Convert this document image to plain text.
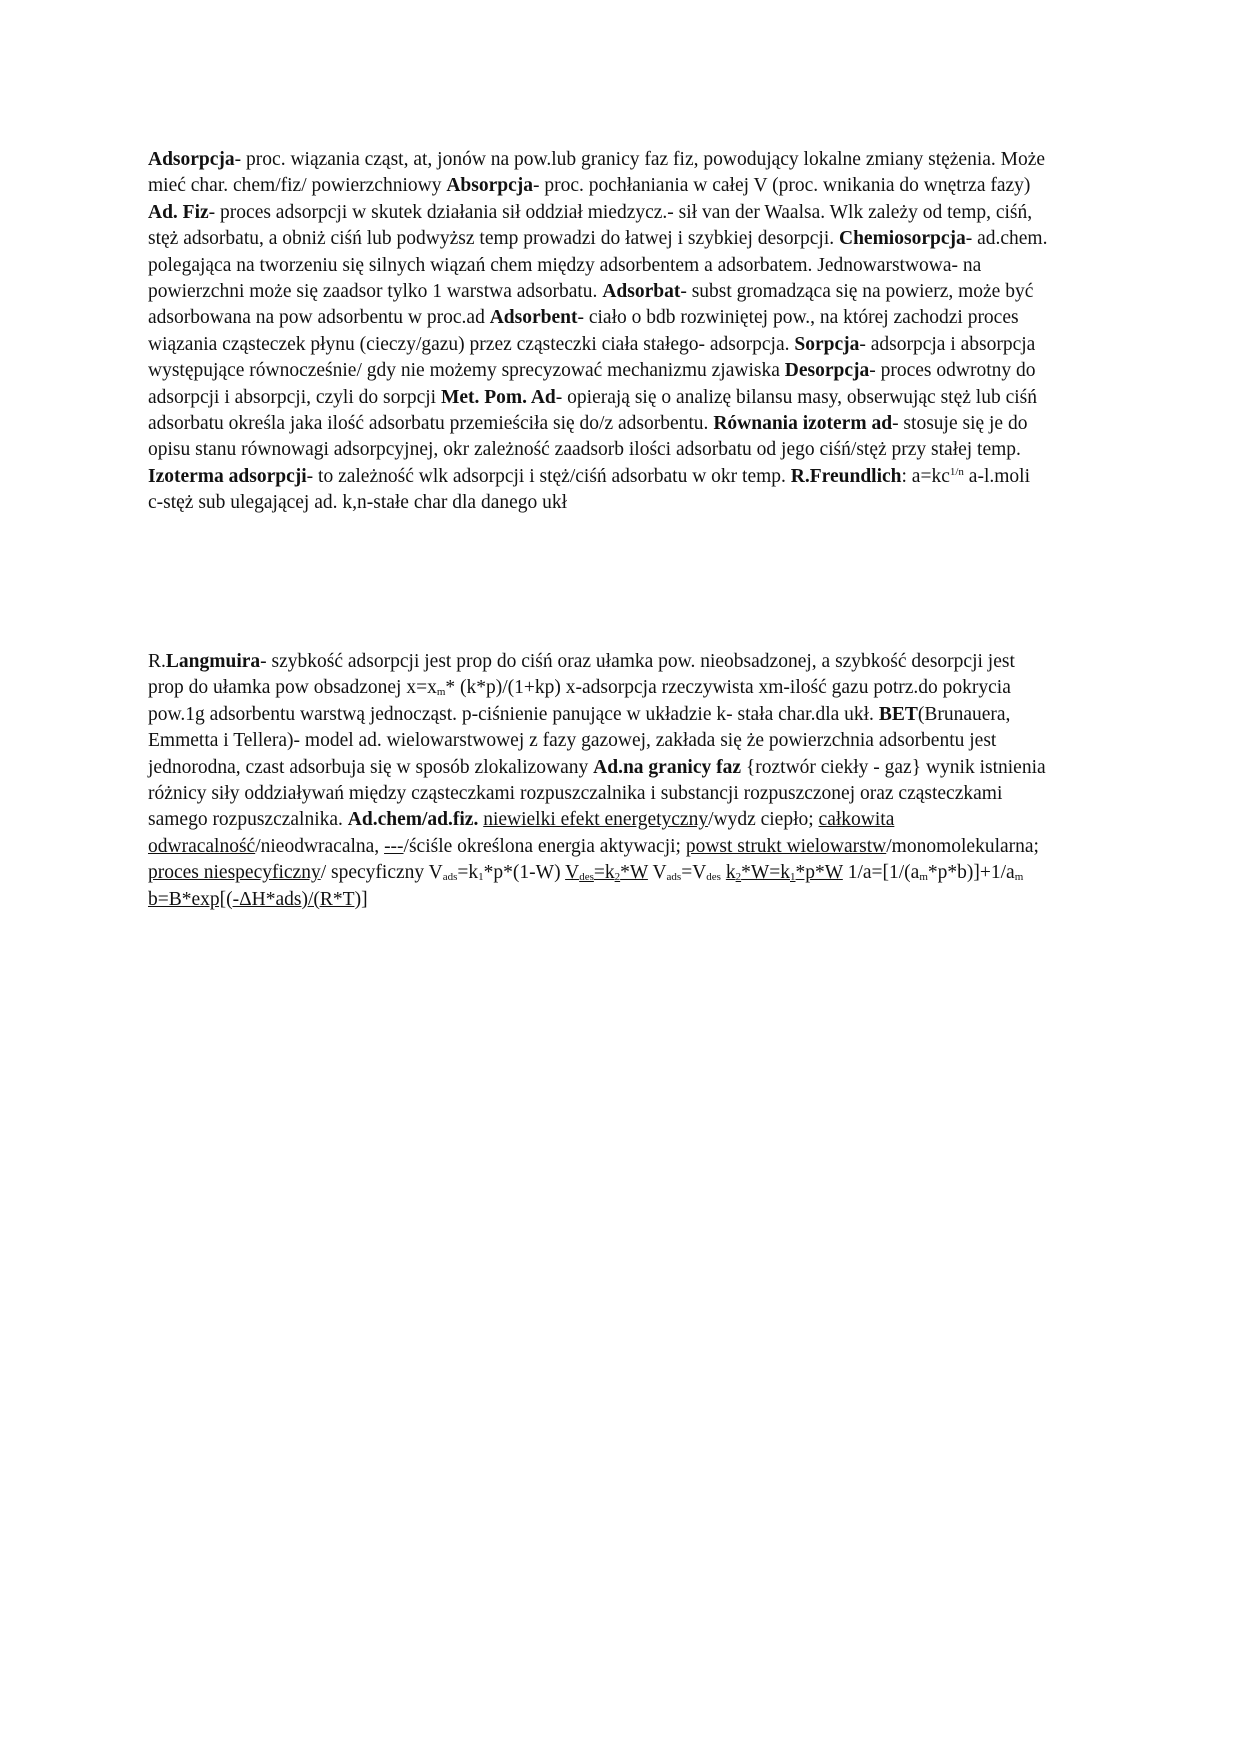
Adsorpcja- proc. wiązania cząst, at, jonów na pow.lub granicy faz fiz, powodujący lokalne zmiany stężenia. Może mieć char. chem/fiz/ powierzchniowy Absorpcja- proc. pochłaniania w całej V (proc. wnikania do wnętrza fazy) Ad. Fiz- proces adsorpcji w skutek działania sił oddział miedzycz.- sił van der Waalsa. Wlk zależy od temp, ciśń, stęż adsorbatu, a obniż ciśń lub podwyższ temp prowadzi do łatwej i szybkiej desorpcji. Chemiosorpcja- ad.chem. polegająca na tworzeniu się silnych wiązań chem między adsorbentem a adsorbatem. Jednowarstwowa- na powierzchni może się zaadsor tylko 1 warstwa adsorbatu. Adsorbat- subst gromadząca się na powierz, może być adsorbowana na pow adsorbentu w proc.ad Adsorbent- ciało o bdb rozwiniętej pow., na której zachodzi proces wiązania cząsteczek płynu (cieczy/gazu) przez cząsteczki ciała stałego- adsorpcja. Sorpcja- adsorpcja i absorpcja występujące równocześnie/ gdy nie możemy sprecyzować mechanizmu zjawiska Desorpcja- proces odwrotny do adsorpcji i absorpcji, czyli do sorpcji Met. Pom. Ad- opierają się o analizę bilansu masy, obserwując stęż lub ciśń adsorbatu określa jaka ilość adsorbatu przemieściła się do/z adsorbentu. Równania izoterm ad- stosuje się je do opisu stanu równowagi adsorpcyjnej, okr zależność zaadsorb ilości adsorbatu od jego ciśń/stęż przy stałej temp. Izoterma adsorpcji- to zależność wlk adsorpcji i stęż/ciśń adsorbatu w okr temp. R.Freundlich: $a=kc^{1/n}$ a-l.moli c-stęż sub ulegającej ad. k,n-stałe char dla danego ukł

R.Langmuira- szybkość adsorpcji jest prop do ciśń oraz ułamka pow. nieobsadzonej, a szybkość desorpcji jest prop do ułamka pow obsadzonej $x=x_m*$ (k*p)/(1+kp) x-adsorpcja rzeczywista xm-ilość gazu potrz.do pokrycia pow.1g adsorbentu warstwą jednocząst. p-ciśnienie panujące w układzie k- stała char.dla ukł. BET(Brunauera, Emmetta i Tellera)- model ad. wielowarstwowej z fazy gazowej, zakłada się że powierzchnia adsorbentu jest jednorodna, czast adsorbuja się w sposób zlokalizowany Ad.na granicy faz {roztwór ciekły - gaz} wynik istnienia różnicy siły oddziaływań między cząsteczkami rozpuszczalnika i substancji rozpuszczonej oraz cząsteczkami samego rozpuszczalnika. Ad.chem/ad.fiz. niewielki efekt energetyczny/wydz ciepło; całkowita odwracalność/nieodwracalna, ---/ściśle określona energia aktywacji; powst strukt wielowarstw/monomolekularna; proces niespecyficzny/ specyficzny $V_{ads}=k_1*p*(1-W)$ $V_{des}=k_2*W$ $V_{ads}=V_{des}$ $k_2*W=k_1*p*W$ $1/a=[1/(a_m*p*b)]+1/a_m$ b=B*exp[(-ΔH*ads)/(R*T)]
